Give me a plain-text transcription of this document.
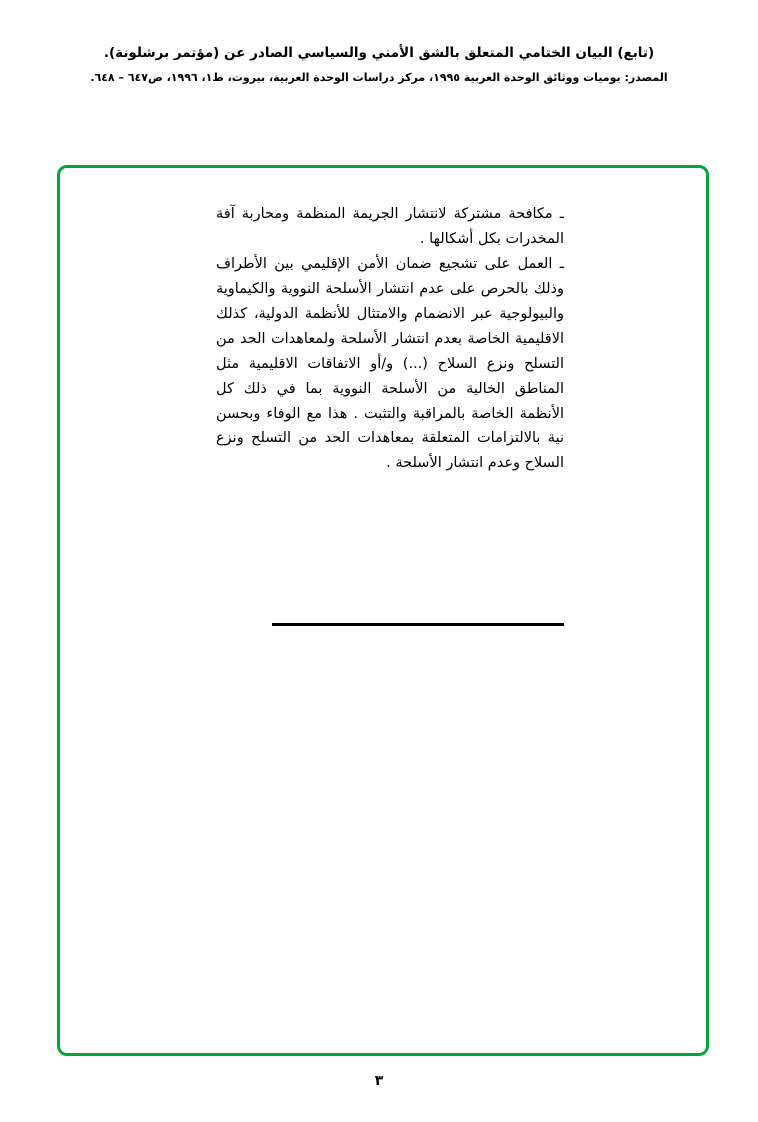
(تابع) البيان الختامي المتعلق بالشق الأمني والسياسي الصادر عن (مؤتمر برشلونة).
المصدر: يوميات ووثائق الوحدة العربية ١٩٩٥، مركز دراسات الوحدة العربية، بيروت، ط١، ١٩٩٦، ص٦٤٧ – ٦٤٨.

ـ مكافحة مشتركة لانتشار الجريمة المنظمة ومحاربة آفة المخدرات بكل أشكالها .

ـ العمل على تشجيع ضمان الأمن الإقليمي بين الأطراف وذلك بالحرص على عدم انتشار الأسلحة النووية والكيماوية والبيولوجية عبر الانضمام والامتثال للأنظمة الدولية، كذلك الاقليمية الخاصة بعدم انتشار الأسلحة ولمعاهدات الحد من التسلح ونزع السلاح (...) و/أو الاتفاقات الاقليمية مثل المناطق الخالية من الأسلحة النووية بما في ذلك كل الأنظمة الخاصة بالمراقبة والتثبت . هذا مع الوفاء وبحسن نية بالالتزامات المتعلقة بمعاهدات الحد من التسلح ونزع السلاح وعدم انتشار الأسلحة .

٣
